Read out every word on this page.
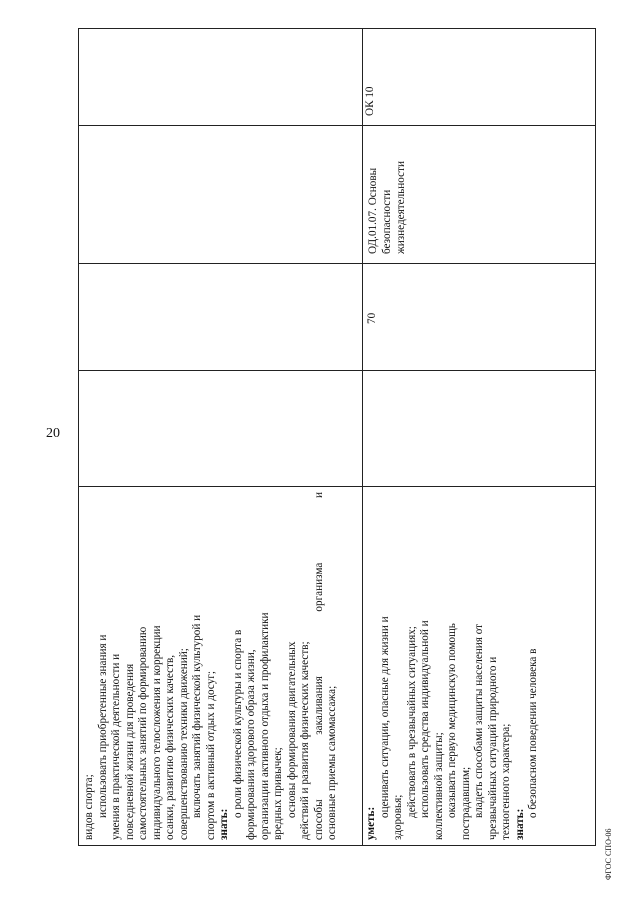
20
видов спорта; использовать приобретенные знания и умения в практической деятельности и повседневной жизни для проведения самостоятельных занятий по формированию индивидуального телосложения и коррекции осанки, развитию физических качеств, совершенствованию техники движений; включать занятий физической культурой и спортом в активный отдых и досуг; знать:
о роли физической культуры и спорта в формировании здорового образа жизни, организации активного отдыха и профилактики вредных привычек; основы формирования двигательных действий и развития физических качеств; способы закаливания организма и основные приемы самомассажа;
ОК 10
уметь:
оценивать ситуации, опасные для жизни и здоровья; действовать в чрезвычайных ситуациях; использовать средства индивидуальной и коллективной защиты; оказывать первую медицинскую помощь пострадавшим; владеть способами защиты населения от чрезвычайных ситуаций природного и техногенного характера; знать:
о безопасном поведении человека в
70
ОД.01.07. Основы безопасности жизнедеятельности
ФГОС СПО-06
